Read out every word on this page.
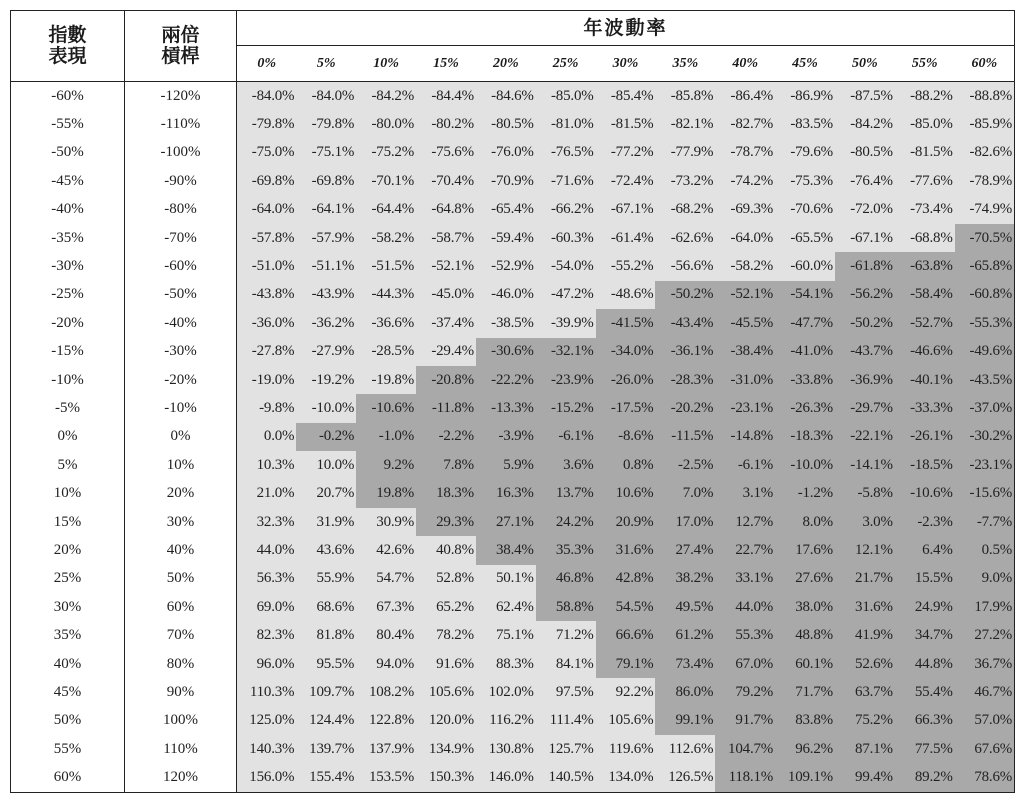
指數
表現	兩倍
槓桿	年波動率												
		0%	5%	10%	15%	20%	25%	30%	35%	40%	45%	50%	55%	60%
-60%	-120%	-84.0%	-84.0%	-84.2%	-84.4%	-84.6%	-85.0%	-85.4%	-85.8%	-86.4%	-86.9%	-87.5%	-88.2%	-88.8%
-55%	-110%	-79.8%	-79.8%	-80.0%	-80.2%	-80.5%	-81.0%	-81.5%	-82.1%	-82.7%	-83.5%	-84.2%	-85.0%	-85.9%
-50%	-100%	-75.0%	-75.1%	-75.2%	-75.6%	-76.0%	-76.5%	-77.2%	-77.9%	-78.7%	-79.6%	-80.5%	-81.5%	-82.6%
-45%	-90%	-69.8%	-69.8%	-70.1%	-70.4%	-70.9%	-71.6%	-72.4%	-73.2%	-74.2%	-75.3%	-76.4%	-77.6%	-78.9%
-40%	-80%	-64.0%	-64.1%	-64.4%	-64.8%	-65.4%	-66.2%	-67.1%	-68.2%	-69.3%	-70.6%	-72.0%	-73.4%	-74.9%
-35%	-70%	-57.8%	-57.9%	-58.2%	-58.7%	-59.4%	-60.3%	-61.4%	-62.6%	-64.0%	-65.5%	-67.1%	-68.8%	-70.5%
-30%	-60%	-51.0%	-51.1%	-51.5%	-52.1%	-52.9%	-54.0%	-55.2%	-56.6%	-58.2%	-60.0%	-61.8%	-63.8%	-65.8%
-25%	-50%	-43.8%	-43.9%	-44.3%	-45.0%	-46.0%	-47.2%	-48.6%	-50.2%	-52.1%	-54.1%	-56.2%	-58.4%	-60.8%
-20%	-40%	-36.0%	-36.2%	-36.6%	-37.4%	-38.5%	-39.9%	-41.5%	-43.4%	-45.5%	-47.7%	-50.2%	-52.7%	-55.3%
-15%	-30%	-27.8%	-27.9%	-28.5%	-29.4%	-30.6%	-32.1%	-34.0%	-36.1%	-38.4%	-41.0%	-43.7%	-46.6%	-49.6%
-10%	-20%	-19.0%	-19.2%	-19.8%	-20.8%	-22.2%	-23.9%	-26.0%	-28.3%	-31.0%	-33.8%	-36.9%	-40.1%	-43.5%
-5%	-10%	-9.8%	-10.0%	-10.6%	-11.8%	-13.3%	-15.2%	-17.5%	-20.2%	-23.1%	-26.3%	-29.7%	-33.3%	-37.0%
0%	0%	0.0%	-0.2%	-1.0%	-2.2%	-3.9%	-6.1%	-8.6%	-11.5%	-14.8%	-18.3%	-22.1%	-26.1%	-30.2%
5%	10%	10.3%	10.0%	9.2%	7.8%	5.9%	3.6%	0.8%	-2.5%	-6.1%	-10.0%	-14.1%	-18.5%	-23.1%
10%	20%	21.0%	20.7%	19.8%	18.3%	16.3%	13.7%	10.6%	7.0%	3.1%	-1.2%	-5.8%	-10.6%	-15.6%
15%	30%	32.3%	31.9%	30.9%	29.3%	27.1%	24.2%	20.9%	17.0%	12.7%	8.0%	3.0%	-2.3%	-7.7%
20%	40%	44.0%	43.6%	42.6%	40.8%	38.4%	35.3%	31.6%	27.4%	22.7%	17.6%	12.1%	6.4%	0.5%
25%	50%	56.3%	55.9%	54.7%	52.8%	50.1%	46.8%	42.8%	38.2%	33.1%	27.6%	21.7%	15.5%	9.0%
30%	60%	69.0%	68.6%	67.3%	65.2%	62.4%	58.8%	54.5%	49.5%	44.0%	38.0%	31.6%	24.9%	17.9%
35%	70%	82.3%	81.8%	80.4%	78.2%	75.1%	71.2%	66.6%	61.2%	55.3%	48.8%	41.9%	34.7%	27.2%
40%	80%	96.0%	95.5%	94.0%	91.6%	88.3%	84.1%	79.1%	73.4%	67.0%	60.1%	52.6%	44.8%	36.7%
45%	90%	110.3%	109.7%	108.2%	105.6%	102.0%	97.5%	92.2%	86.0%	79.2%	71.7%	63.7%	55.4%	46.7%
50%	100%	125.0%	124.4%	122.8%	120.0%	116.2%	111.4%	105.6%	99.1%	91.7%	83.8%	75.2%	66.3%	57.0%
55%	110%	140.3%	139.7%	137.9%	134.9%	130.8%	125.7%	119.6%	112.6%	104.7%	96.2%	87.1%	77.5%	67.6%
60%	120%	156.0%	155.4%	153.5%	150.3%	146.0%	140.5%	134.0%	126.5%	118.1%	109.1%	99.4%	89.2%	78.6%
